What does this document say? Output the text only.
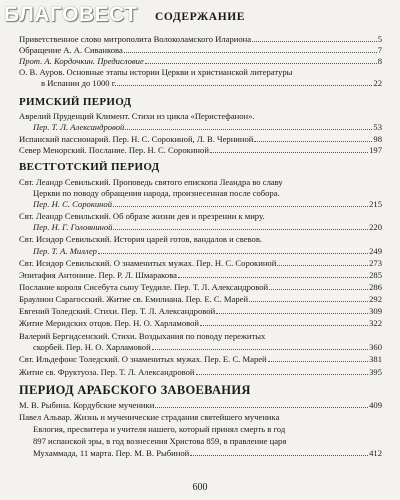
БЛАГОВЕСТ	СОДЕРЖАНИЕ
Приветственное слово митрополита Волоколамского Илариона	5
Обращение А. А. Сиванкова	7
Прот. А. Кордочкин. Предисловие	8
О. В. Ауров. Основные этапы истории Церкви и христианской литературы
в Испании до 1000 г.	22
РИМСКИЙ ПЕРИОД
Аврелий Пруденций Климент. Стихи из цикла «Перистефанон».
Пер. Т. Л. Александровой	53
Испанский пассионарий. Пер. Н. С. Сорокиной, Л. В. Черниной	98
Север Менорский. Послание. Пер. Н. С. Сорокиной	197
ВЕСТГОТСКИЙ ПЕРИОД
Свт. Леандр Севильский. Проповедь святого епископа Леандра во славу
Церкви по поводу обращения народа, произнесенная после собора.
Пер. Н. С. Сорокиной	215
Свт. Леандр Севильский. Об образе жизни дев и презрении к миру.
Пер. Н. Г. Головниной	220
Свт. Исидор Севильский. История царей готов, вандалов и свевов.
Пер. Т. А. Миллер	249
Свт. Исидор Севильский. О знаменитых мужах. Пер. Н. С. Сорокиной	273
Эпитафия Антонине. Пер. Р. Л. Шмаракова	285
Послание короля Сисебута сыну Теудиле. Пер. Т. Л. Александровой	286
Браулион Сарагосский. Житие св. Емилиана. Пер. Е. С. Марей	292
Евгений Толедский. Стихи. Пер. Т. Л. Александровой	309
Житие Меридских отцов. Пер. Н. О. Харламовой	322
Валерий Бергидсенский. Стихи. Воздыхания по поводу пережитых
скорбей. Пер. Н. О. Харламовой	360
Свт. Ильдефонс Толедский. О знаменитых мужах. Пер. Е. С. Марей	381
Житие св. Фруктуоза. Пер. Т. Л. Александровой	395
ПЕРИОД АРАБСКОГО ЗАВОЕВАНИЯ
М. В. Рыбина. Кордубские мученики	409
Павел Альвар. Жизнь и мученические страдания святейшего мученика
Евлогия, пресвитера и учителя нашего, который принял смерть в год
897 испанской эры, в год вознесения Христова 859, в правление царя
Мухаммада, 11 марта. Пер. М. В. Рыбиной	412
600
